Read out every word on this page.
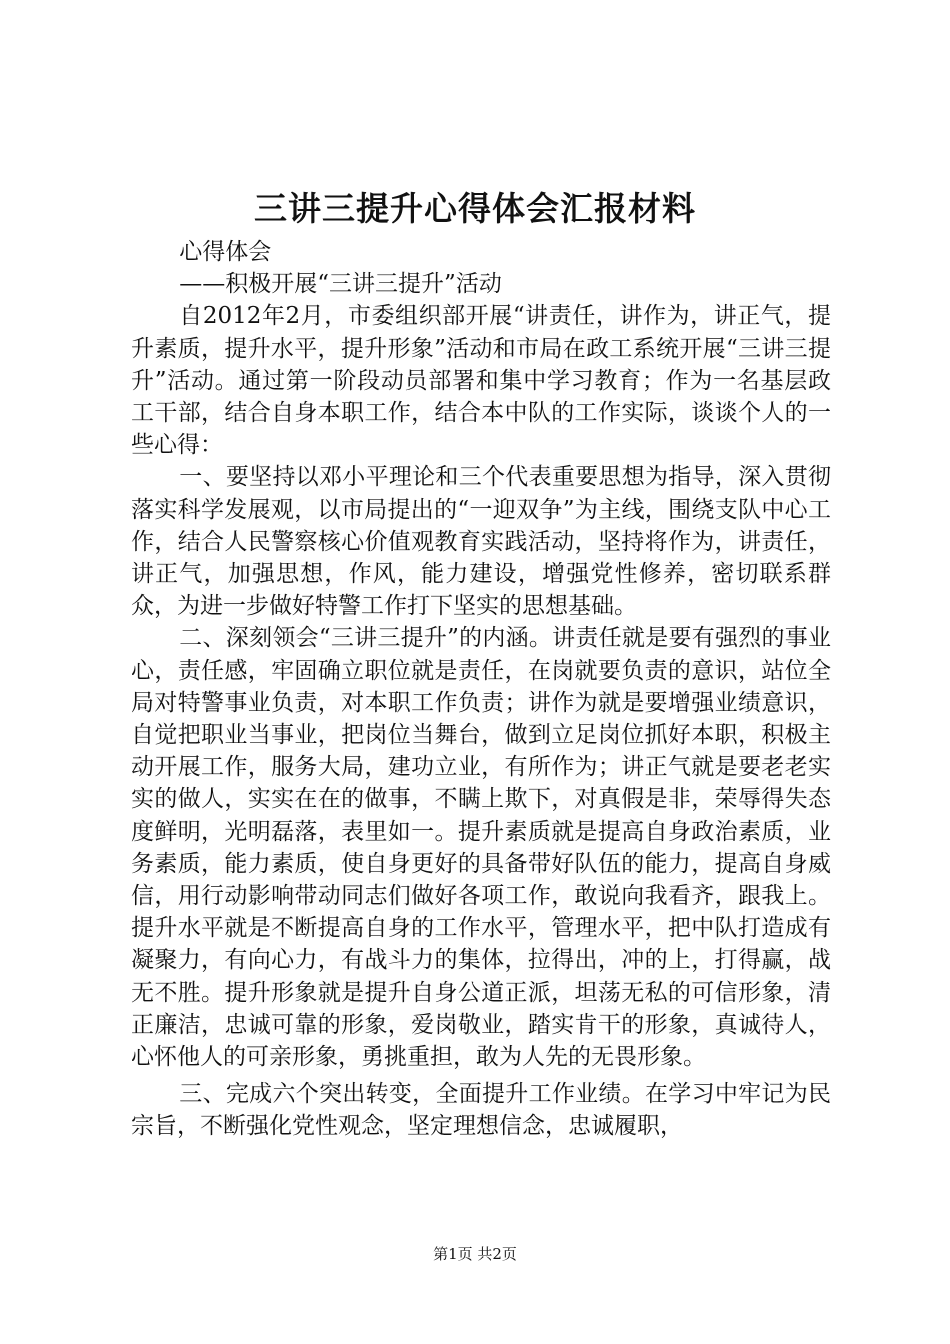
三讲三提升心得体会汇报材料

心得体会

——积极开展“三讲三提升”活动

自2012年2月，市委组织部开展“讲责任，讲作为，讲正气，提升素质，提升水平，提升形象”活动和市局在政工系统开展“三讲三提升”活动。通过第一阶段动员部署和集中学习教育；作为一名基层政工干部，结合自身本职工作，结合本中队的工作实际，谈谈个人的一些心得：

一、要坚持以邓小平理论和三个代表重要思想为指导，深入贯彻落实科学发展观，以市局提出的“一迎双争”为主线，围绕支队中心工作，结合人民警察核心价值观教育实践活动，坚持将作为，讲责任，讲正气，加强思想，作风，能力建设，增强党性修养，密切联系群众，为进一步做好特警工作打下坚实的思想基础。

二、深刻领会“三讲三提升”的内涵。讲责任就是要有强烈的事业心，责任感，牢固确立职位就是责任，在岗就要负责的意识，站位全局对特警事业负责，对本职工作负责；讲作为就是要增强业绩意识，自觉把职业当事业，把岗位当舞台，做到立足岗位抓好本职，积极主动开展工作，服务大局，建功立业，有所作为；讲正气就是要老老实实的做人，实实在在的做事，不瞒上欺下，对真假是非，荣辱得失态度鲜明，光明磊落，表里如一。提升素质就是提高自身政治素质，业务素质，能力素质，使自身更好的具备带好队伍的能力，提高自身威信，用行动影响带动同志们做好各项工作，敢说向我看齐，跟我上。提升水平就是不断提高自身的工作水平，管理水平，把中队打造成有凝聚力，有向心力，有战斗力的集体，拉得出，冲的上，打得赢，战无不胜。提升形象就是提升自身公道正派，坦荡无私的可信形象，清正廉洁，忠诚可靠的形象，爱岗敬业，踏实肯干的形象，真诚待人，心怀他人的可亲形象，勇挑重担，敢为人先的无畏形象。

三、完成六个突出转变，全面提升工作业绩。在学习中牢记为民宗旨，不断强化党性观念，坚定理想信念，忠诚履职，

第1页 共2页
